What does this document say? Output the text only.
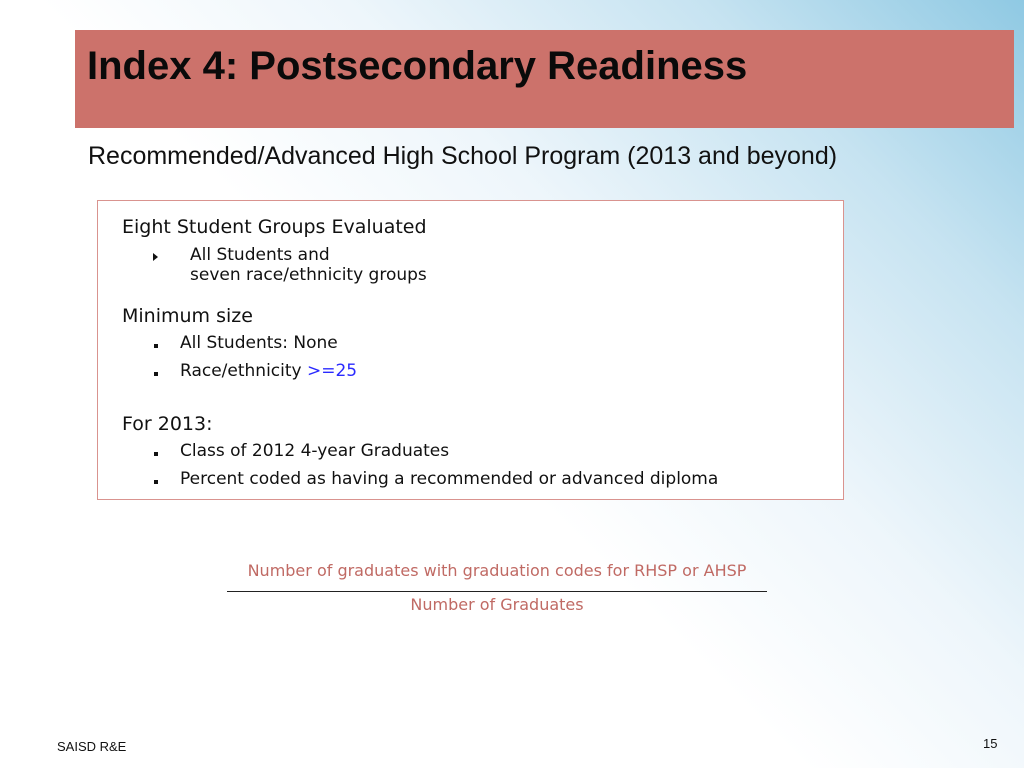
Index 4: Postsecondary Readiness
Recommended/Advanced High School Program (2013 and beyond)
Eight Student Groups Evaluated
All Students and
seven race/ethnicity groups
Minimum size
All Students: None
Race/ethnicity >=25
For 2013:
Class of 2012 4-year Graduates
Percent coded as having a recommended or advanced diploma
Number of graduates with graduation codes for RHSP or AHSP
Number of Graduates
SAISD R&E	15
